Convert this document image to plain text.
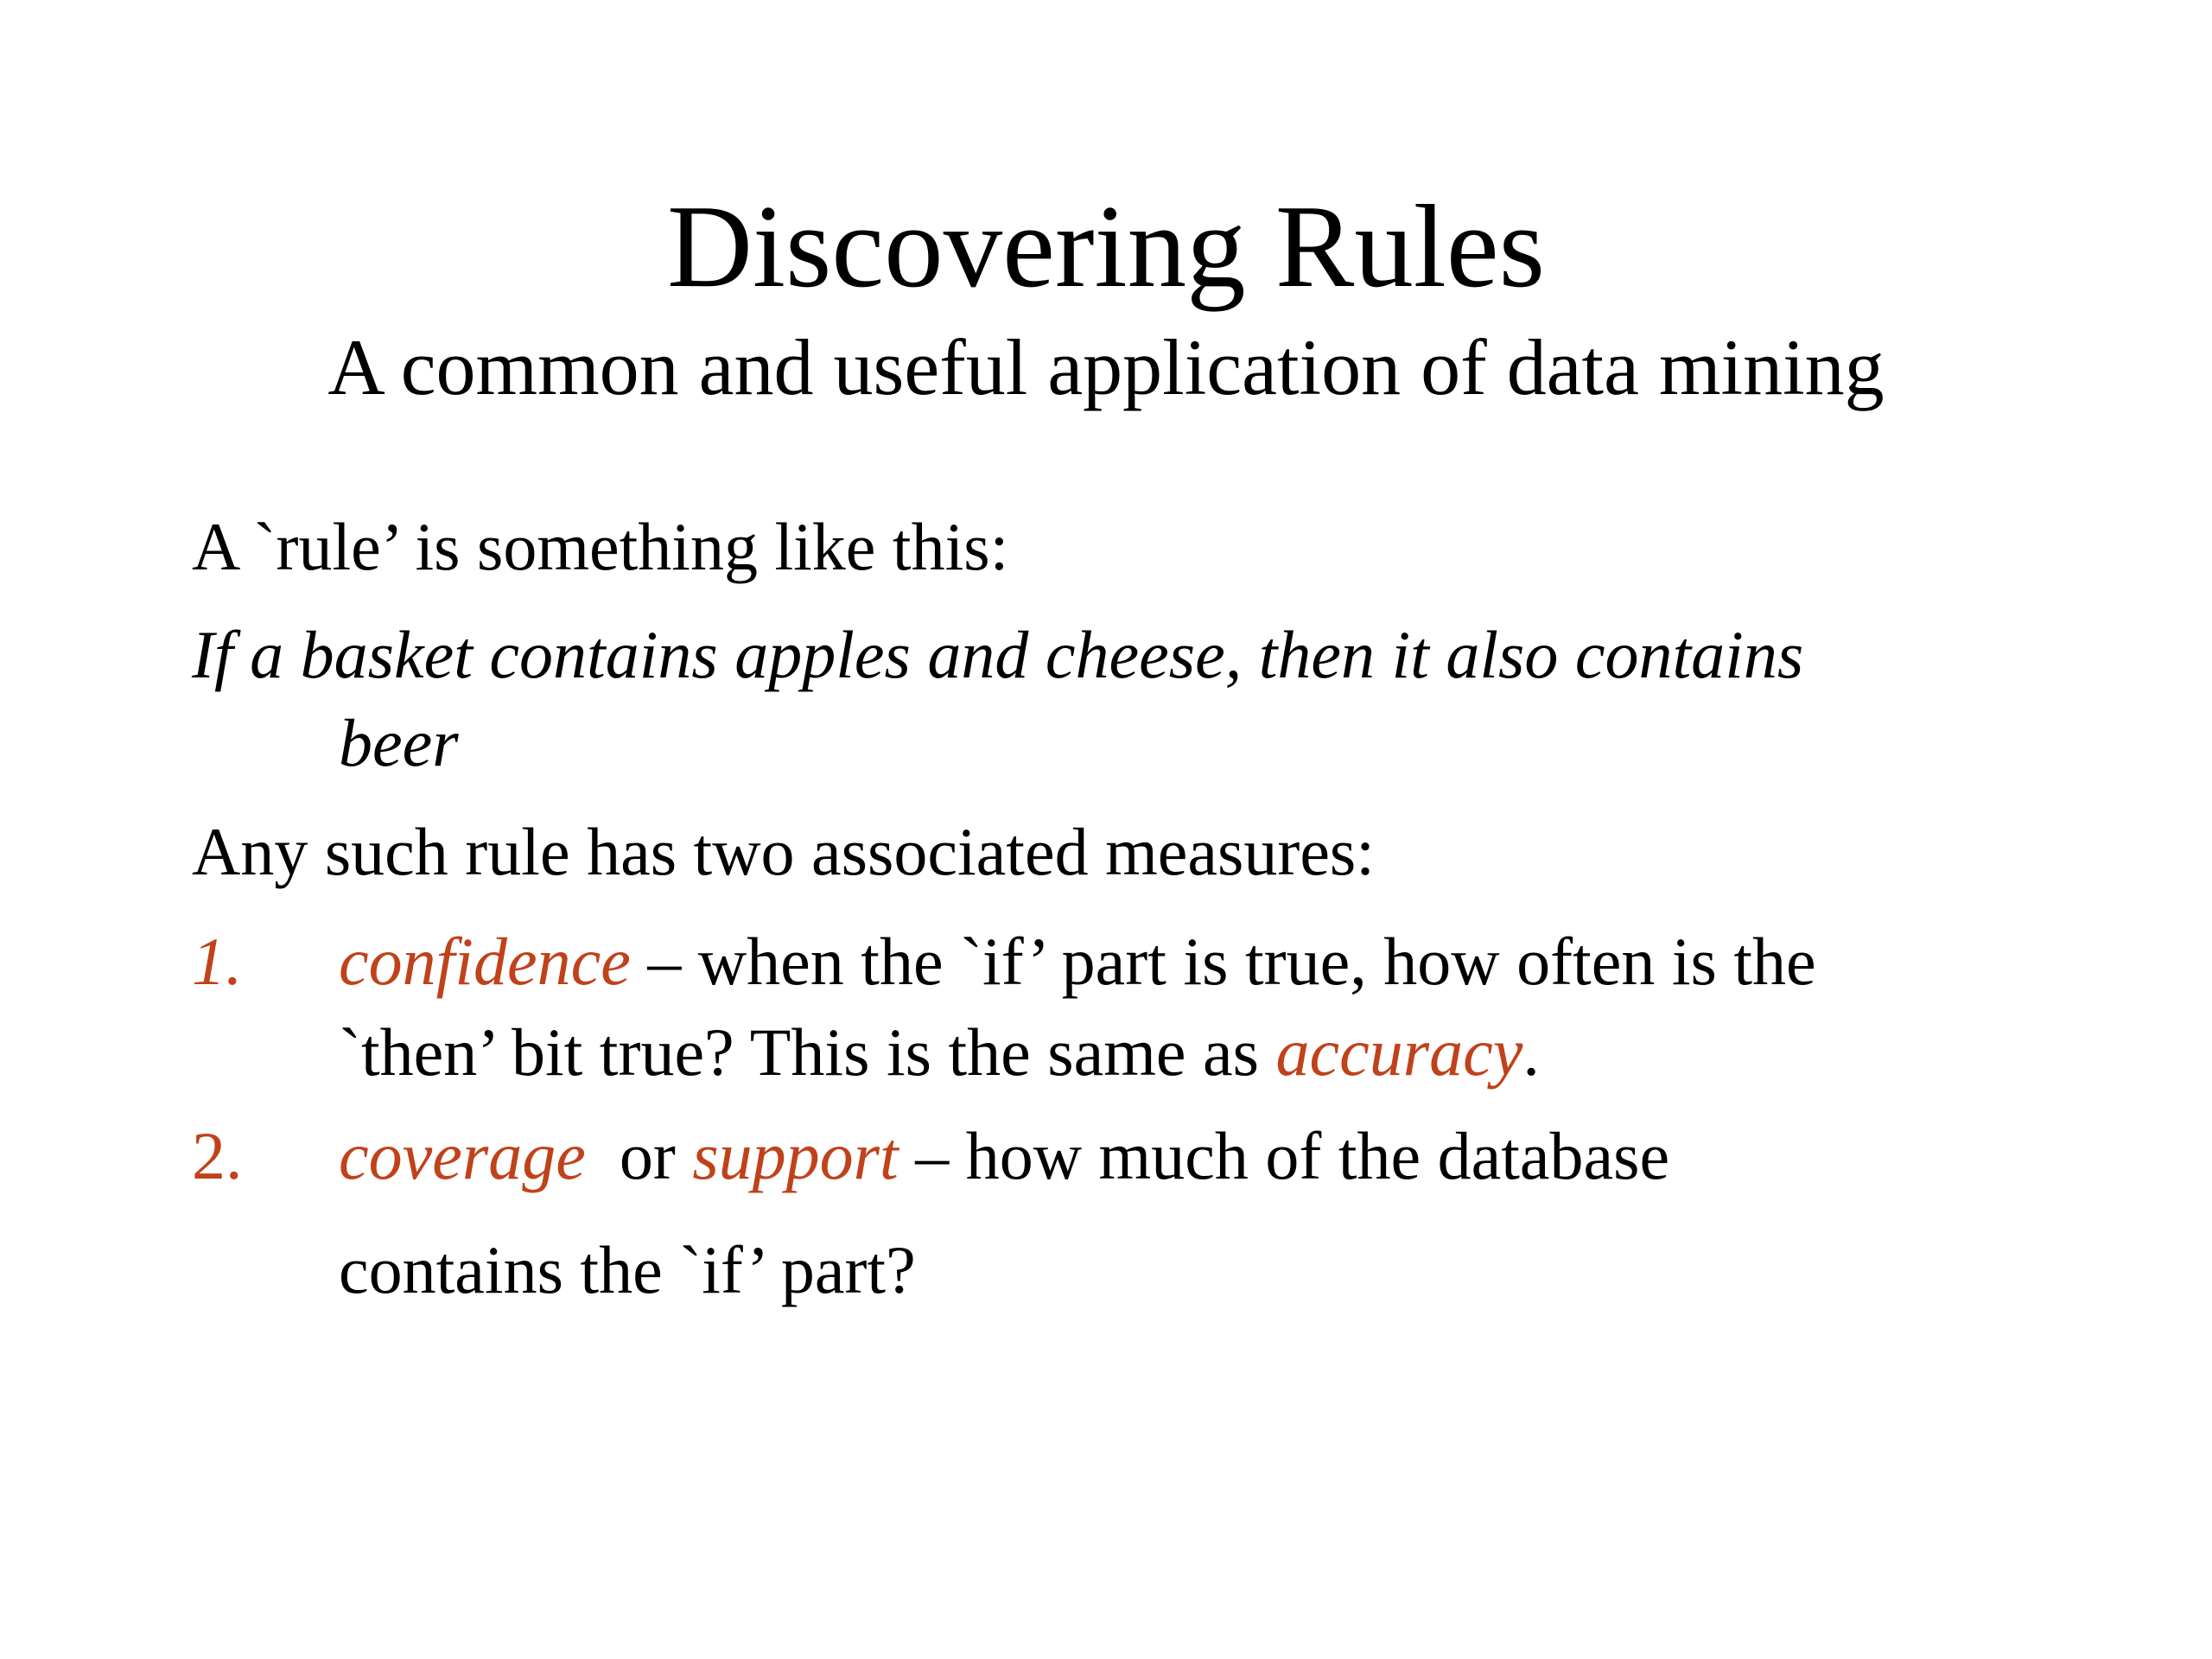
Discovering Rules
A common and useful application of data mining
A `rule’ is something like this:
If a basket contains apples and cheese, then it also contains
beer
Any such rule has two associated measures:
1. confidence – when the `if’ part is true, how often is the
`then’ bit true? This is the same as accuracy.
2. coverage  or support – how much of the database
contains the `if’ part?
